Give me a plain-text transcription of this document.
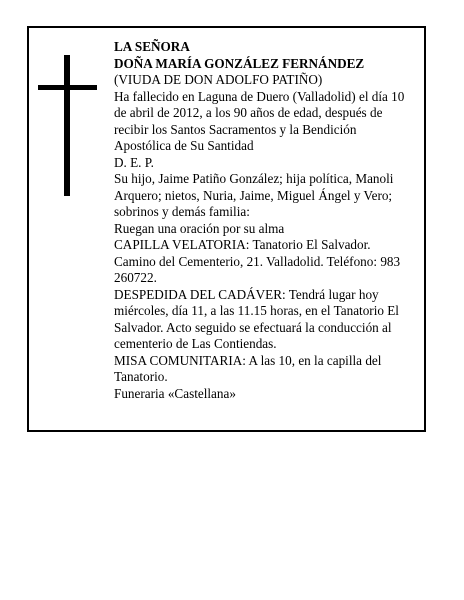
LA SEÑORA

DOÑA MARÍA GONZÁLEZ FERNÁNDEZ

(VIUDA DE DON ADOLFO PATIÑO)

Ha fallecido en Laguna de Duero (Valladolid) el día 10 de abril de 2012, a los 90 años de edad, después de recibir los Santos Sacramentos y la Bendición Apostólica de Su Santidad

D. E. P.

Su hijo, Jaime Patiño González; hija política, Manoli Arquero; nietos, Nuria, Jaime, Miguel Ángel y Vero; sobrinos y demás familia:

Ruegan una oración por su alma

CAPILLA VELATORIA: Tanatorio El Salvador. Camino del Cementerio, 21. Valladolid. Teléfono: 983 260722.

DESPEDIDA DEL CADÁVER: Tendrá lugar hoy miércoles, día 11, a las 11.15 horas, en el Tanatorio El Salvador. Acto seguido se efectuará la conducción al cementerio de Las Contiendas.

MISA COMUNITARIA: A las 10, en la capilla del Tanatorio.

Funeraria «Castellana»
